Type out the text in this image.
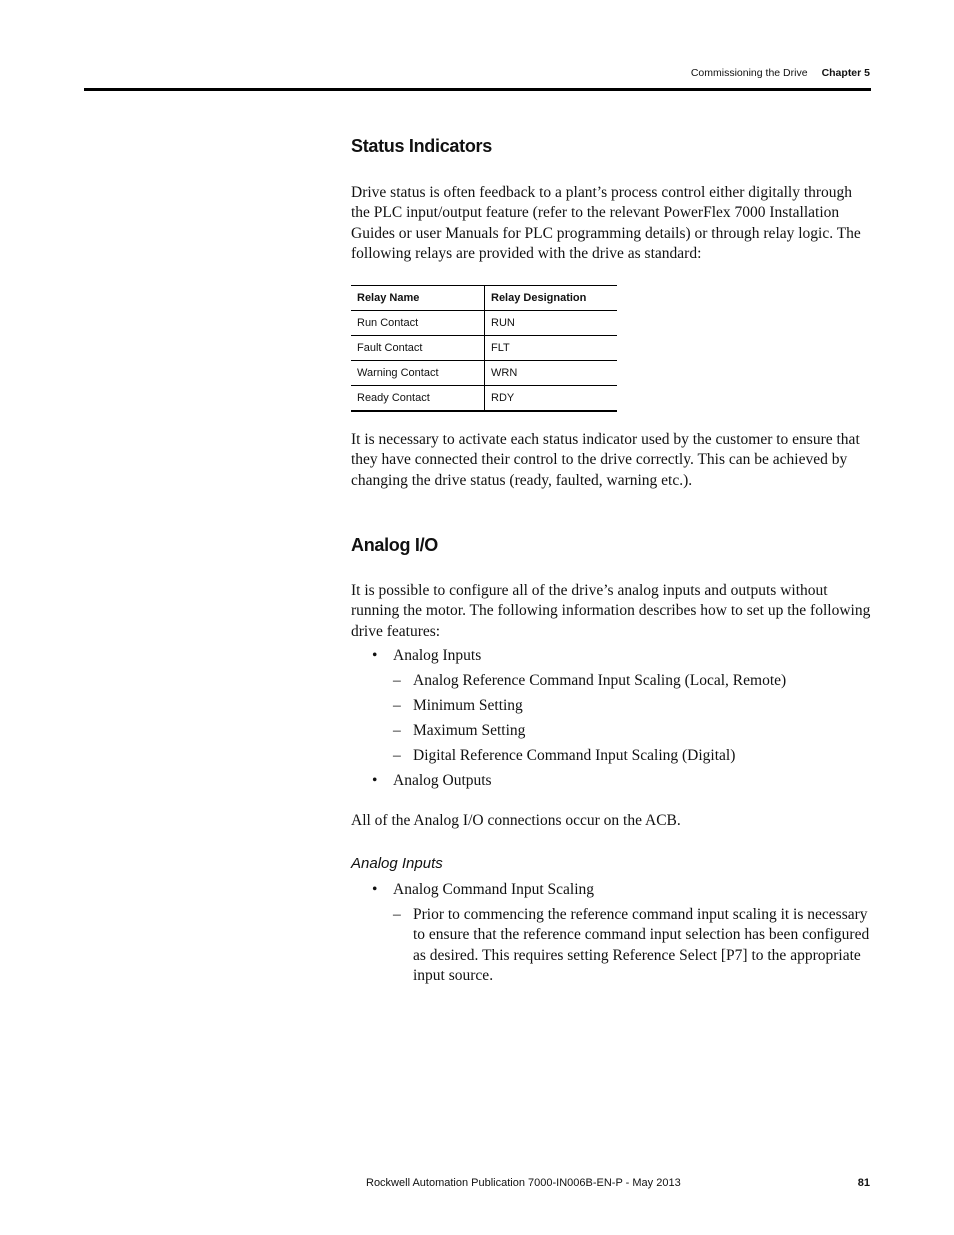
Commissioning the Drive Chapter 5
Status Indicators

Drive status is often feedback to a plant’s process control either digitally through the PLC input/output feature (refer to the relevant PowerFlex 7000 Installation Guides or user Manuals for PLC programming details) or through relay logic. The following relays are provided with the drive as standard:

Relay Name	Relay Designation
Run Contact	RUN
Fault Contact	FLT
Warning Contact	WRN
Ready Contact	RDY

It is necessary to activate each status indicator used by the customer to ensure that they have connected their control to the drive correctly. This can be achieved by changing the drive status (ready, faulted, warning etc.).

Analog I/O

It is possible to configure all of the drive’s analog inputs and outputs without running the motor. The following information describes how to set up the following drive features:

• Analog Inputs

– Analog Reference Command Input Scaling (Local, Remote)

– Minimum Setting

– Maximum Setting

– Digital Reference Command Input Scaling (Digital)

• Analog Outputs

All of the Analog I/O connections occur on the ACB.

Analog Inputs

• Analog Command Input Scaling

– Prior to commencing the reference command input scaling it is necessary to ensure that the reference command input selection has been configured as desired. This requires setting Reference Select [P7] to the appropriate input source.

Rockwell Automation Publication 7000-IN006B-EN-P - May 2013	81
